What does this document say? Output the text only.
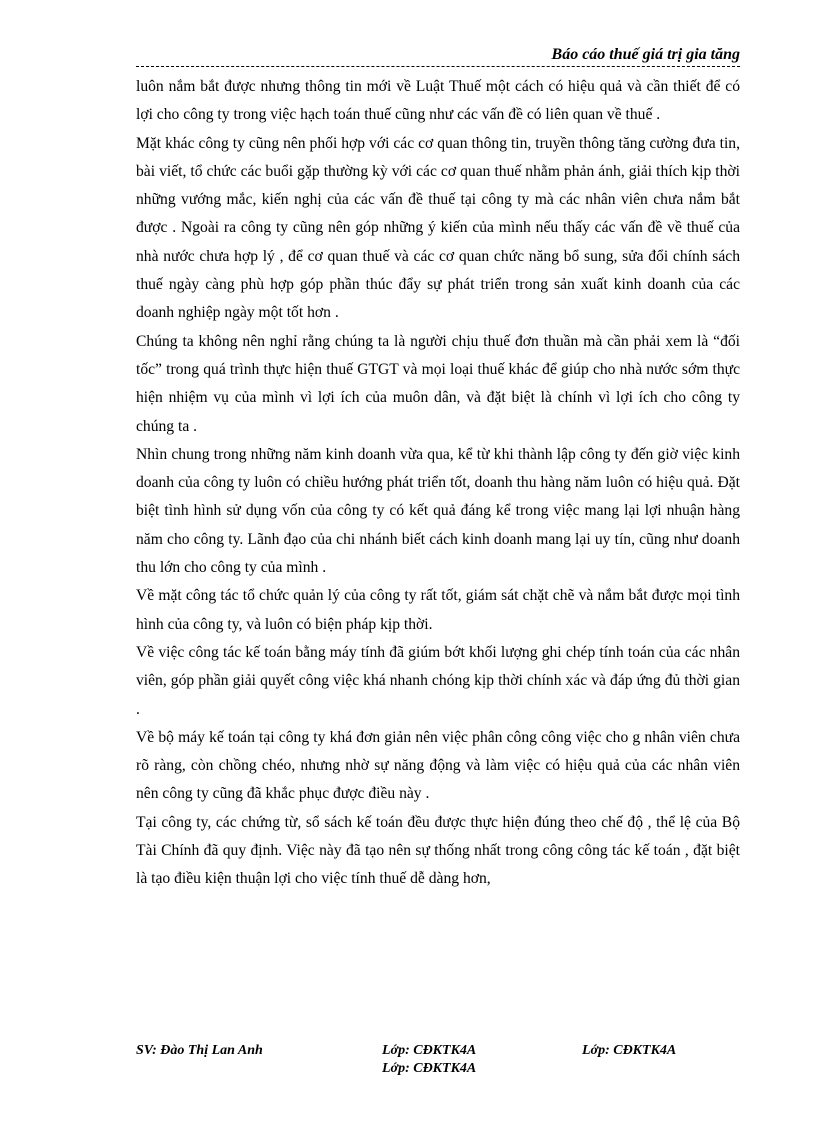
Báo cáo thuế giá trị gia tăng

luôn nắm bắt được nhưng thông tin mới về Luật Thuế một cách có hiệu quả và cần thiết để có lợi cho công ty trong việc hạch toán thuế cũng như các vấn đề có liên quan về thuế .

Mặt khác công ty cũng nên phối hợp với các cơ quan thông tin, truyền thông tăng cường đưa tin, bài viết, tổ chức các buổi gặp thường kỳ với các cơ quan thuế nhằm phản ánh, giải thích kịp thời những vướng mắc, kiến nghị của các vấn đề thuế tại công ty mà các nhân viên chưa nắm bắt được . Ngoài ra công ty cũng nên góp những ý kiến của mình nếu thấy các vấn đề về thuế của nhà nước chưa hợp lý , để cơ quan thuế và các cơ quan chức năng bổ sung, sửa đổi chính sách thuế ngày càng phù hợp góp phần thúc đẩy sự phát triển trong sản xuất kinh doanh của các doanh nghiệp ngày một tốt hơn .

Chúng ta không nên nghỉ rằng chúng ta là người chịu thuế đơn thuần mà cần phải xem là “đối tốc” trong quá trình thực hiện thuế GTGT và mọi loại thuế khác để giúp cho nhà nước sớm thực hiện nhiệm vụ của mình vì lợi ích của muôn dân, và đặt biệt là chính vì lợi ích cho công ty chúng ta .

Nhìn chung trong những năm kinh doanh vừa qua, kể từ khi thành lập công ty đến giờ việc kinh doanh của công ty luôn có chiều hướng phát triển tốt, doanh thu hàng năm luôn có hiệu quả. Đặt biệt tình hình sử dụng vốn của công ty có kết quả đáng kể trong việc mang lại lợi nhuận hàng năm cho công ty. Lãnh đạo của chi nhánh biết cách kinh doanh mang lại uy tín, cũng như doanh thu lớn cho công ty của mình .

Về mặt công tác tổ chức quản lý của công ty rất tốt, giám sát chặt chẽ và nắm bắt được mọi tình hình của công ty, và luôn có biện pháp kịp thời.

Về việc công tác kế toán bằng máy tính đã giúm bớt khối lượng ghi chép tính toán của các nhân viên, góp phần giải quyết công việc khá nhanh chóng kịp thời chính xác và đáp ứng đủ thời gian .

Về bộ máy kế toán tại công ty khá đơn giản nên việc phân công công việc cho g nhân viên chưa rõ ràng, còn chồng chéo, nhưng nhờ sự năng động và làm việc có hiệu quả của các nhân viên nên công ty cũng đã khắc phục được điều này .

Tại công ty, các chứng từ, sổ sách kế toán đều được thực hiện đúng theo chế độ , thể lệ của Bộ Tài Chính đã quy định. Việc này đã tạo nên sự thống nhất trong công công tác kế toán , đặt biệt là tạo điều kiện thuận lợi cho việc tính thuế dễ dàng hơn,

SV: Đào Thị Lan Anh	Lớp: CĐKTK4A	Lớp: CĐKTK4A
Lớp: CĐKTK4A
